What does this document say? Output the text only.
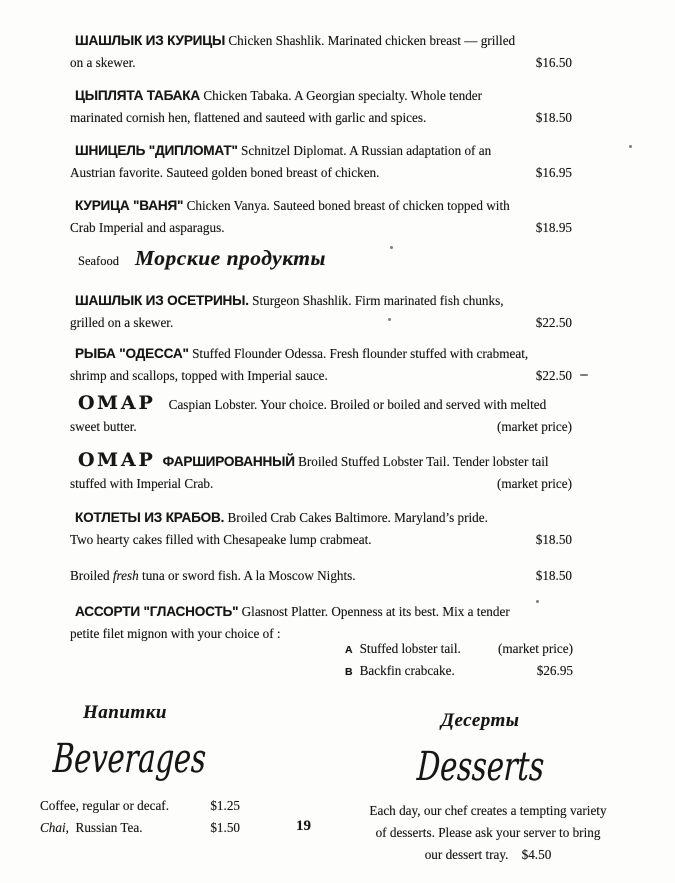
ШАШЛЫК ИЗ КУРИЦЫ Chicken Shashlik. Marinated chicken breast — grilled
on a skewer.	$16.50
ЦЫПЛЯТА ТАБАКА Chicken Tabaka. A Georgian specialty. Whole tender
marinated cornish hen, flattened and sauteed with garlic and spices.	$18.50
ШНИЦЕЛЬ "ДИПЛОМАТ" Schnitzel Diplomat. A Russian adaptation of an
Austrian favorite. Sauteed golden boned breast of chicken.	$16.95
КУРИЦА "ВАНЯ" Chicken Vanya. Sauteed boned breast of chicken topped with
Crab Imperial and asparagus.	$18.95
Seafood Морские продукты
ШАШЛЫК ИЗ ОСЕТРИНЫ. Sturgeon Shashlik. Firm marinated fish chunks,
grilled on a skewer.	$22.50
РЫБА "ОДЕССА" Stuffed Flounder Odessa. Fresh flounder stuffed with crabmeat,
shrimp and scallops, topped with Imperial sauce.	$22.50
ОМАР Caspian Lobster. Your choice. Broiled or boiled and served with melted
sweet butter.	(market price)
ОМАР ФАРШИРОВАННЫЙ Broiled Stuffed Lobster Tail. Tender lobster tail
stuffed with Imperial Crab.	(market price)
КОТЛЕТЫ ИЗ КРАБОВ. Broiled Crab Cakes Baltimore. Maryland’s pride.
Two hearty cakes filled with Chesapeake lump crabmeat.	$18.50
Broiled fresh tuna or sword fish. A la Moscow Nights.	$18.50
АССОРТИ "ГЛАСНОСТЬ" Glasnost Platter. Openness at its best. Mix a tender
petite filet mignon with your choice of :
A Stuffed lobster tail.	(market price)
B Backfin crabcake.	$26.95
Напитки
Beverages
Coffee, regular or decaf.	$1.25
Chai,  Russian Tea.	$1.50	19
Десерты
Desserts
Each day, our chef creates a tempting variety
of desserts. Please ask your server to bring
our dessert tray.    $4.50
